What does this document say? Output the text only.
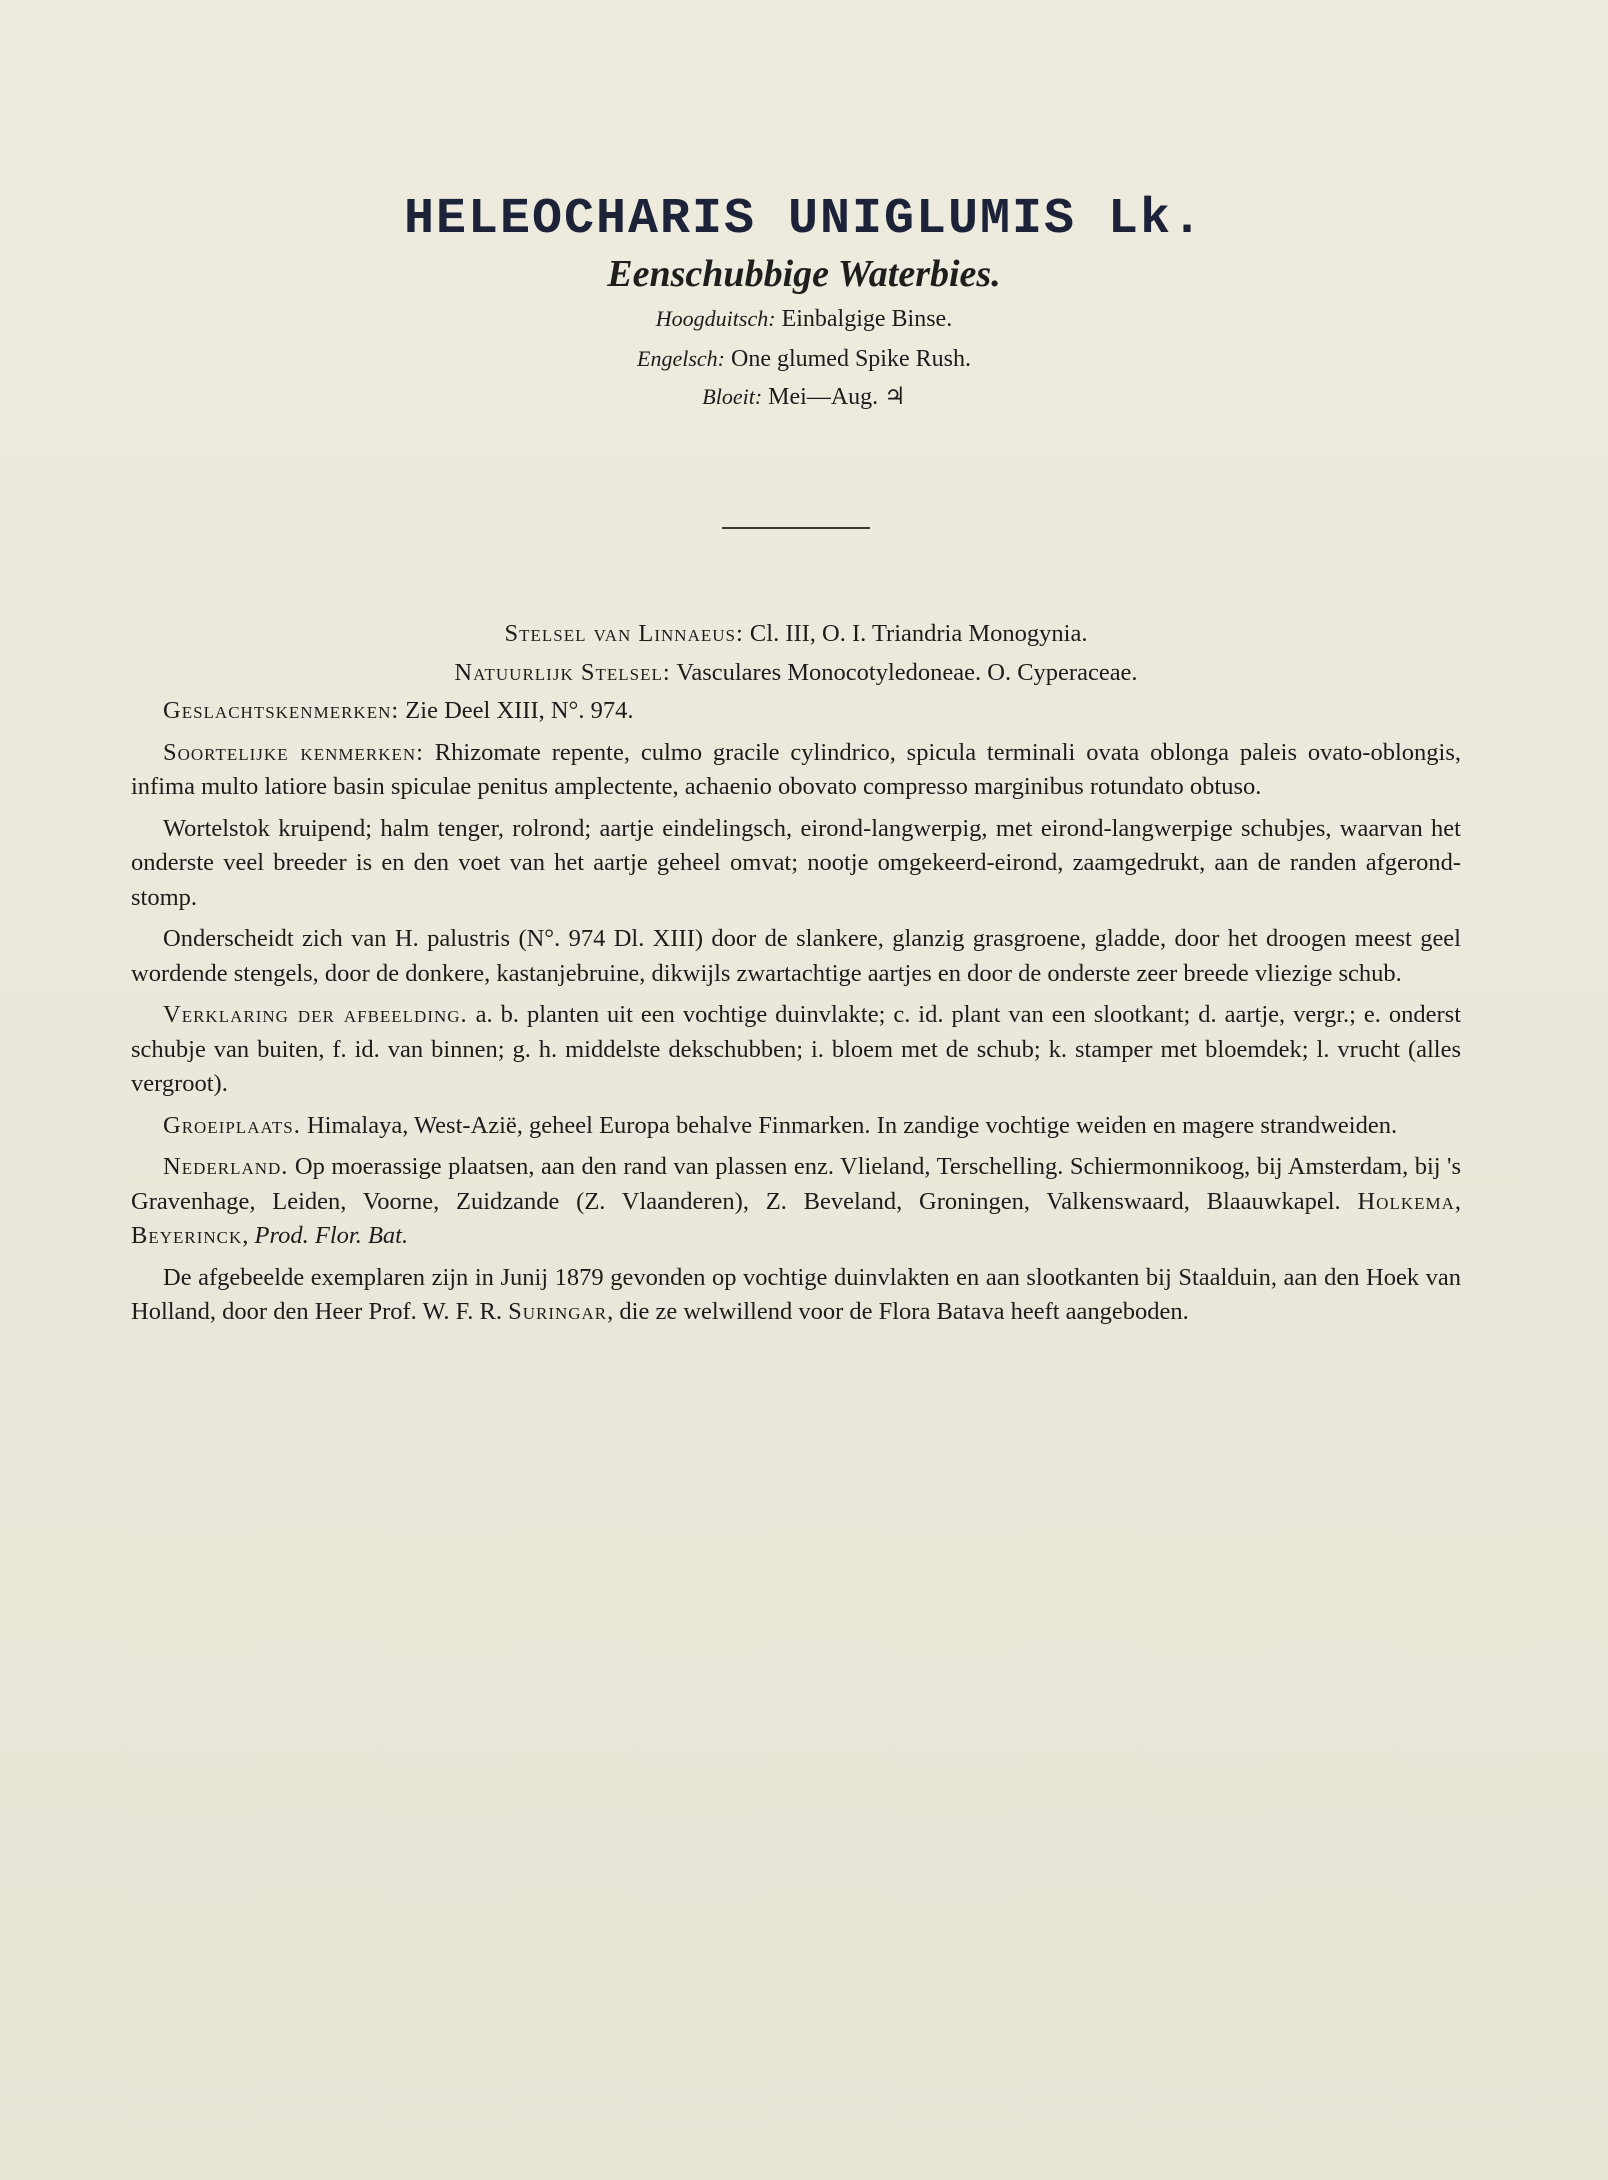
HELEOCHARIS UNIGLUMIS Lk.

Eenschubbige Waterbies.

Hoogduitsch: Einbalgige Binse.

Engelsch: One glumed Spike Rush.

Bloeit: Mei—Aug. ♃

Stelsel van Linnaeus: Cl. III, O. I. Triandria Monogynia.

Natuurlijk Stelsel: Vasculares Monocotyledoneae. O. Cyperaceae.

Geslachtskenmerken: Zie Deel XIII, N°. 974.

Soortelijke kenmerken: Rhizomate repente, culmo gracile cylindrico, spicula terminali ovata oblonga paleis ovato-oblongis, infima multo latiore basin spiculae penitus amplectente, achaenio obovato compresso marginibus rotundato obtuso.

Wortelstok kruipend; halm tenger, rolrond; aartje eindelingsch, eirond-langwerpig, met eirond-langwerpige schubjes, waarvan het onderste veel breeder is en den voet van het aartje geheel omvat; nootje omgekeerd-eirond, zaamgedrukt, aan de randen afgerond-stomp.

Onderscheidt zich van H. palustris (N°. 974 Dl. XIII) door de slankere, glanzig grasgroene, gladde, door het droogen meest geel wordende stengels, door de donkere, kastanjebruine, dikwijls zwartachtige aartjes en door de onderste zeer breede vliezige schub.

Verklaring der afbeelding. a. b. planten uit een vochtige duinvlakte; c. id. plant van een slootkant; d. aartje, vergr.; e. onderst schubje van buiten, f. id. van binnen; g. h. middelste dekschubben; i. bloem met de schub; k. stamper met bloemdek; l. vrucht (alles vergroot).

Groeiplaats. Himalaya, West-Azië, geheel Europa behalve Finmarken. In zandige vochtige weiden en magere strandweiden.

Nederland. Op moerassige plaatsen, aan den rand van plassen enz. Vlieland, Terschelling. Schiermonnikoog, bij Amsterdam, bij 's Gravenhage, Leiden, Voorne, Zuidzande (Z. Vlaanderen), Z. Beveland, Groningen, Valkenswaard, Blaauwkapel. Holkema, Beyerinck, Prod. Flor. Bat.

De afgebeelde exemplaren zijn in Junij 1879 gevonden op vochtige duinvlakten en aan slootkanten bij Staalduin, aan den Hoek van Holland, door den Heer Prof. W. F. R. Suringar, die ze welwillend voor de Flora Batava heeft aangeboden.
